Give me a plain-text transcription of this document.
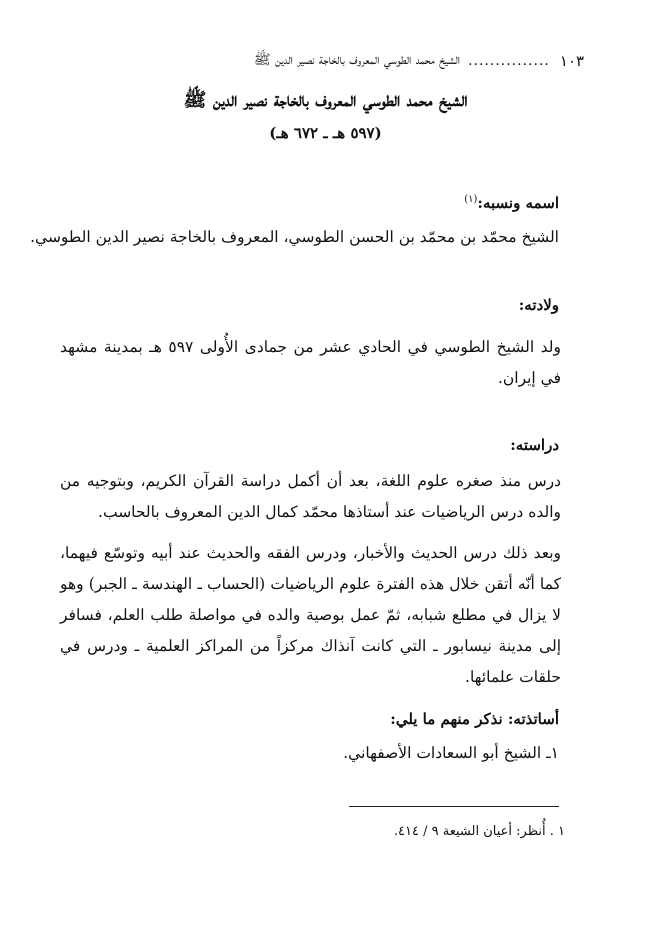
١٠٣
...............
الشيخ محمد الطوسي المعروف بالخاجة نصير الدين ﷺ
الشيخ محمد الطوسي المعروف بالخاجة نصير الدين ﷺ
(٥٩٧ هـ ـ ٦٧٢ هـ)
اسمه ونسبه:$^{(١)}$
الشيخ محمّد بن محمّد بن الحسن الطوسي، المعروف بالخاجة نصير الدين الطوسي.
ولادته:
ولد الشيخ الطوسي في الحادي عشر من جمادى الأُولى ٥٩٧ هـ بمدينة مشهد في إيران.
دراسته:
درس منذ صغره علوم اللغة، بعد أن أكمل دراسة القرآن الكريم، وبتوجيه من والده درس الرياضيات عند أستاذها محمّد كمال الدين المعروف بالحاسب.
وبعد ذلك درس الحديث والأخبار، ودرس الفقه والحديث عند أبيه وتوسّع فيهما، كما أنّه أتقن خلال هذه الفترة علوم الرياضيات (الحساب ـ الهندسة ـ الجبر) وهو لا يزال في مطلع شبابه، ثمّ عمل بوصية والده في مواصلة طلب العلم، فسافر إلى مدينة نيسابور ـ التي كانت آنذاك مركزاً من المراكز العلمية ـ ودرس في حلقات علمائها.
أساتذته: نذكر منهم ما يلي:
١ـ الشيخ أبو السعادات الأصفهاني.
١ . أُنظر: أعيان الشيعة ٩ / ٤١٤.
